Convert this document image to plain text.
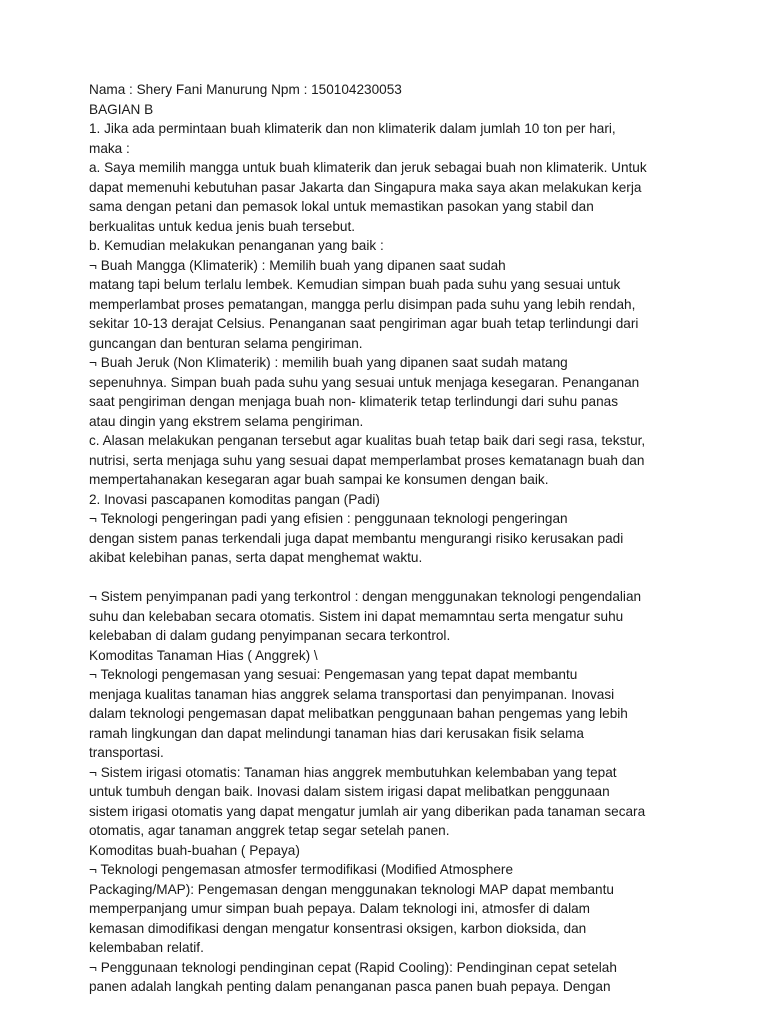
Nama : Shery Fani Manurung Npm : 150104230053
BAGIAN B
1. Jika ada permintaan buah klimaterik dan non klimaterik dalam jumlah 10 ton per hari,
maka :
a. Saya memilih mangga untuk buah klimaterik dan jeruk sebagai buah non klimaterik. Untuk
dapat memenuhi kebutuhan pasar Jakarta dan Singapura maka saya akan melakukan kerja
sama dengan petani dan pemasok lokal untuk memastikan pasokan yang stabil dan
berkualitas untuk kedua jenis buah tersebut.
b. Kemudian melakukan penanganan yang baik :
¬ Buah Mangga (Klimaterik) : Memilih buah yang dipanen saat sudah
matang tapi belum terlalu lembek. Kemudian simpan buah pada suhu yang sesuai untuk
memperlambat proses pematangan, mangga perlu disimpan pada suhu yang lebih rendah,
sekitar 10-13 derajat Celsius. Penanganan saat pengiriman agar buah tetap terlindungi dari
guncangan dan benturan selama pengiriman.
¬ Buah Jeruk (Non Klimaterik) : memilih buah yang dipanen saat sudah matang
sepenuhnya. Simpan buah pada suhu yang sesuai untuk menjaga kesegaran. Penanganan
saat pengiriman dengan menjaga buah non- klimaterik tetap terlindungi dari suhu panas
atau dingin yang ekstrem selama pengiriman.
c. Alasan melakukan penganan tersebut agar kualitas buah tetap baik dari segi rasa, tekstur,
nutrisi, serta menjaga suhu yang sesuai dapat memperlambat proses kematanagn buah dan
mempertahanakan kesegaran agar buah sampai ke konsumen dengan baik.
2. Inovasi pascapanen komoditas pangan (Padi)
¬ Teknologi pengeringan padi yang efisien : penggunaan teknologi pengeringan
dengan sistem panas terkendali juga dapat membantu mengurangi risiko kerusakan padi
akibat kelebihan panas, serta dapat menghemat waktu.
¬ Sistem penyimpanan padi yang terkontrol : dengan menggunakan teknologi pengendalian
suhu dan kelebaban secara otomatis. Sistem ini dapat memamntau serta mengatur suhu
kelebaban di dalam gudang penyimpanan secara terkontrol.
Komoditas Tanaman Hias ( Anggrek) \
¬ Teknologi pengemasan yang sesuai: Pengemasan yang tepat dapat membantu
menjaga kualitas tanaman hias anggrek selama transportasi dan penyimpanan. Inovasi
dalam teknologi pengemasan dapat melibatkan penggunaan bahan pengemas yang lebih
ramah lingkungan dan dapat melindungi tanaman hias dari kerusakan fisik selama
transportasi.
¬ Sistem irigasi otomatis: Tanaman hias anggrek membutuhkan kelembaban yang tepat
untuk tumbuh dengan baik. Inovasi dalam sistem irigasi dapat melibatkan penggunaan
sistem irigasi otomatis yang dapat mengatur jumlah air yang diberikan pada tanaman secara
otomatis, agar tanaman anggrek tetap segar setelah panen.
Komoditas buah-buahan ( Pepaya)
¬ Teknologi pengemasan atmosfer termodifikasi (Modified Atmosphere
Packaging/MAP): Pengemasan dengan menggunakan teknologi MAP dapat membantu
memperpanjang umur simpan buah pepaya. Dalam teknologi ini, atmosfer di dalam
kemasan dimodifikasi dengan mengatur konsentrasi oksigen, karbon dioksida, dan
kelembaban relatif.
¬ Penggunaan teknologi pendinginan cepat (Rapid Cooling): Pendinginan cepat setelah
panen adalah langkah penting dalam penanganan pasca panen buah pepaya. Dengan
